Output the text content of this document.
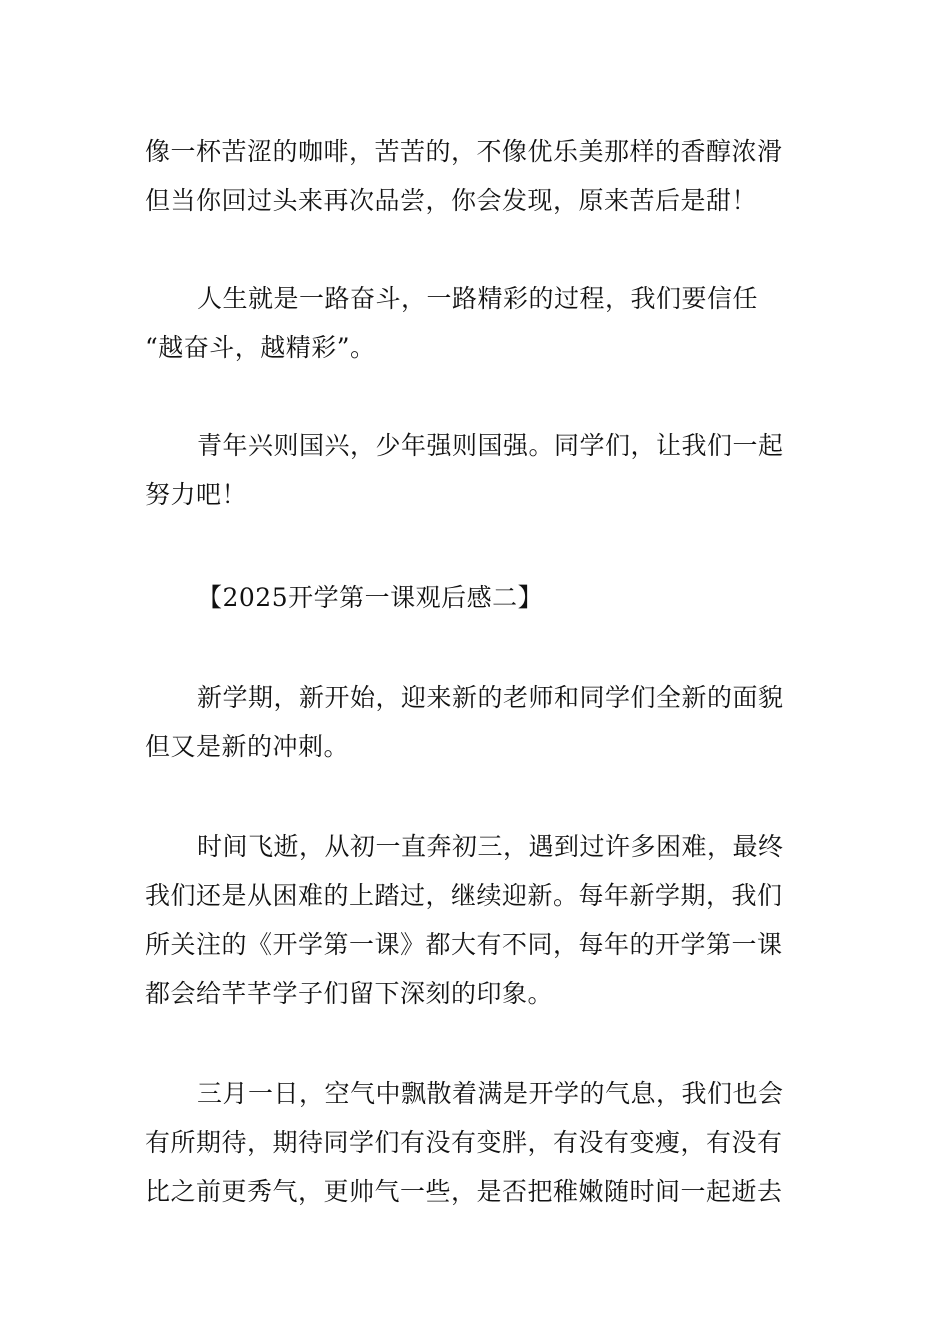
像一杯苦涩的咖啡，苦苦的，不像优乐美那样的香醇浓滑
但当你回过头来再次品尝，你会发现，原来苦后是甜！

人生就是一路奋斗，一路精彩的过程，我们要信任
“越奋斗，越精彩”。

青年兴则国兴，少年强则国强。同学们，让我们一起
努力吧！

【2025开学第一课观后感二】

新学期，新开始，迎来新的老师和同学们全新的面貌
但又是新的冲刺。

时间飞逝，从初一直奔初三，遇到过许多困难，最终
我们还是从困难的上踏过，继续迎新。每年新学期，我们
所关注的《开学第一课》都大有不同，每年的开学第一课
都会给芊芊学子们留下深刻的印象。

三月一日，空气中飘散着满是开学的气息，我们也会
有所期待，期待同学们有没有变胖，有没有变瘦，有没有
比之前更秀气，更帅气一些，是否把稚嫩随时间一起逝去
